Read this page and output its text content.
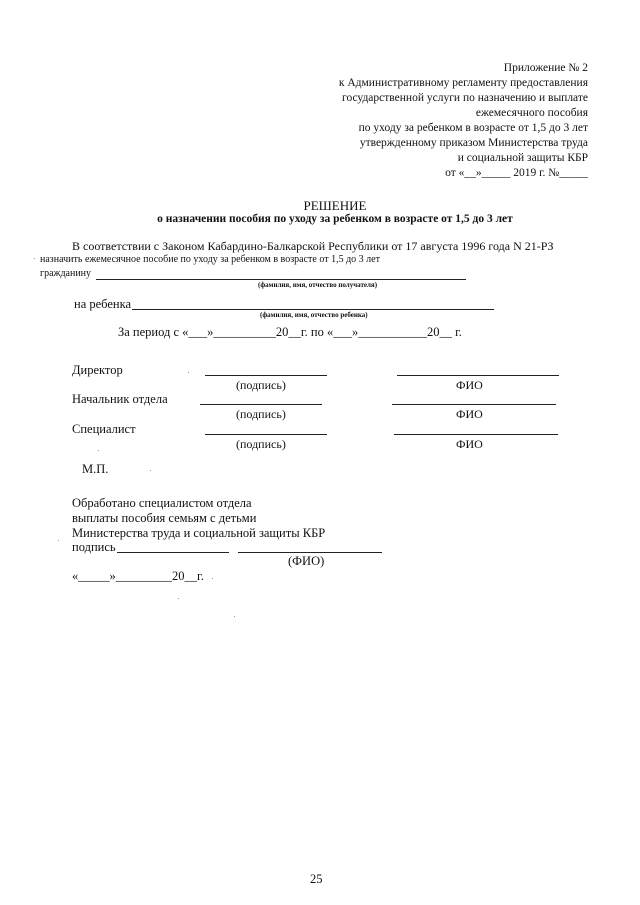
Приложение № 2
к Административному регламенту предоставления
государственной услуги по назначению и выплате
ежемесячного пособия
по уходу за ребенком в возрасте от 1,5 до 3 лет
утвержденному приказом Министерства труда
и социальной защиты КБР
от «__»_____ 2019 г. №_____
РЕШЕНИЕ
о назначении пособия по уходу за ребенком в возрасте от 1,5 до 3 лет
В соответствии с Законом Кабардино-Балкарской Республики от 17 августа 1996 года N 21-РЗ
назначить ежемесячное пособие по уходу за ребенком в возрасте от 1,5 до 3 лет
гражданину
(фамилия, имя, отчество получателя)
на ребенка
(фамилия, имя, отчество ребенка)
За период с «___»__________20__г. по «___»___________20__ г.
Директор
(подпись)	ФИО
Начальник отдела
(подпись)	ФИО
Специалист
(подпись)	ФИО
М.П.
Обработано специалистом отдела
выплаты пособия семьям с детьми
Министерства труда и социальной защиты КБР
подпись
(ФИО)
«_____»_________20__г.
25
